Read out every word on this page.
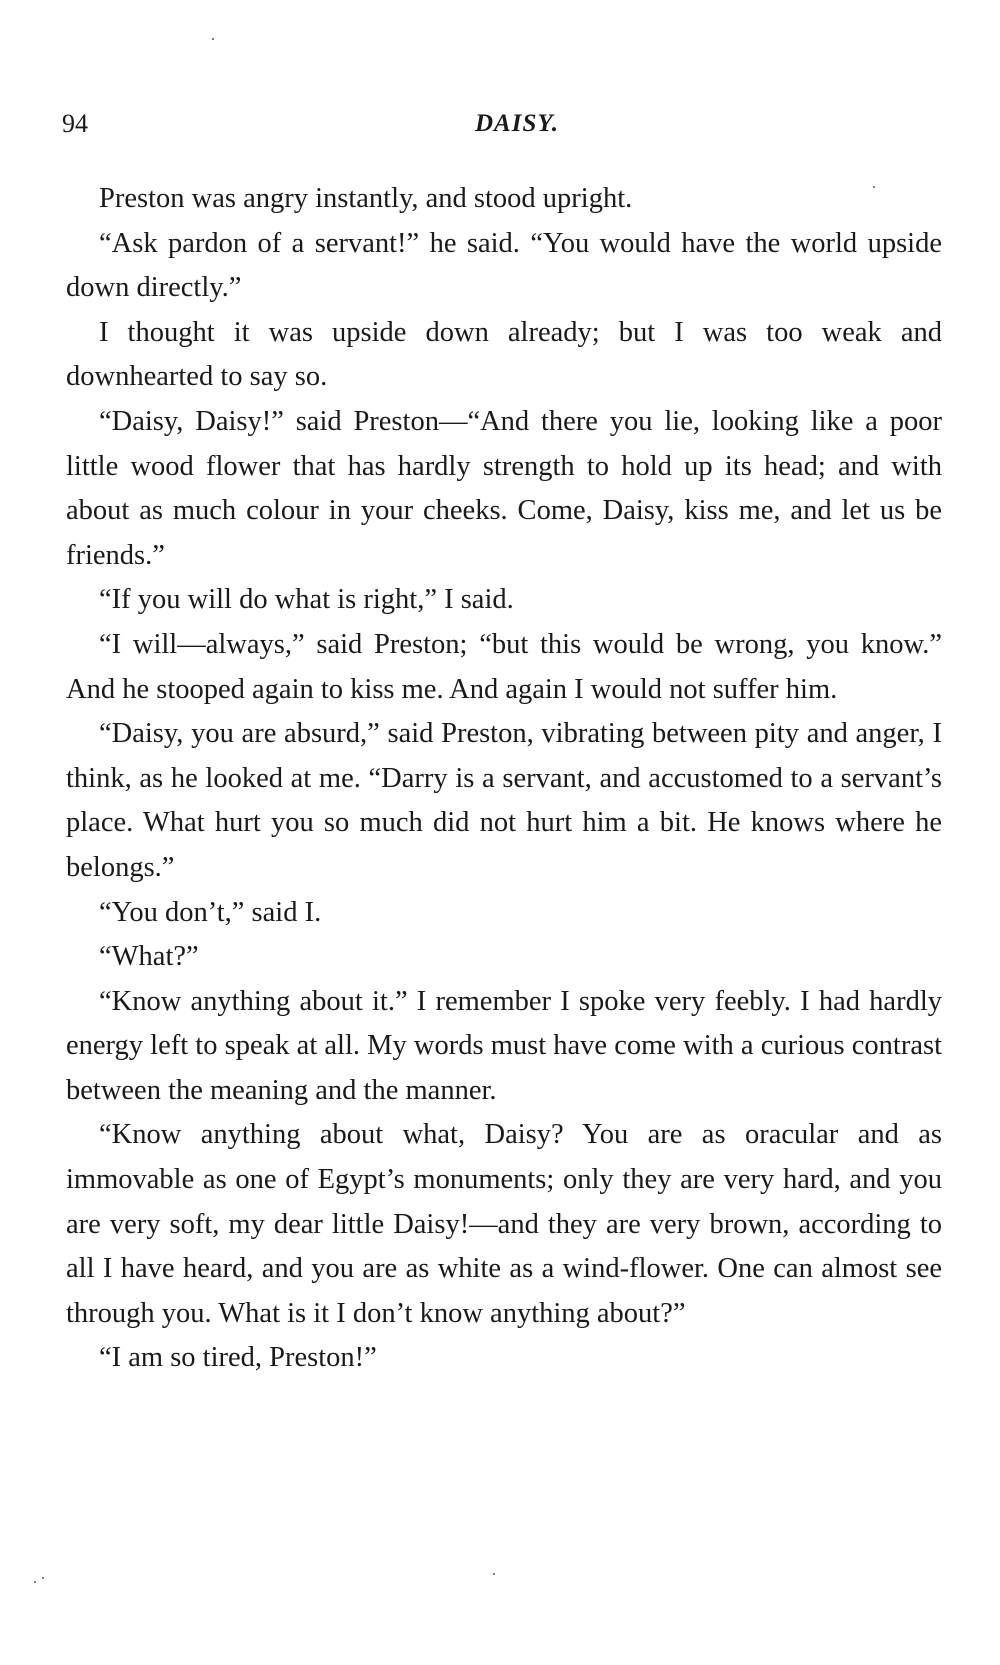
94	DAISY.

Preston was angry instantly, and stood upright.

“Ask pardon of a servant!” he said. “You would have the world upside down directly.”

I thought it was upside down already; but I was too weak and downhearted to say so.

“Daisy, Daisy!” said Preston—“And there you lie, looking like a poor little wood flower that has hardly strength to hold up its head; and with about as much colour in your cheeks. Come, Daisy, kiss me, and let us be friends.”

“If you will do what is right,” I said.

“I will—always,” said Preston; “but this would be wrong, you know.” And he stooped again to kiss me. And again I would not suffer him.

“Daisy, you are absurd,” said Preston, vibrating between pity and anger, I think, as he looked at me. “Darry is a servant, and accustomed to a servant’s place. What hurt you so much did not hurt him a bit. He knows where he belongs.”

“You don’t,” said I.

“What?”

“Know anything about it.” I remember I spoke very feebly. I had hardly energy left to speak at all. My words must have come with a curious contrast between the meaning and the manner.

“Know anything about what, Daisy? You are as oracular and as immovable as one of Egypt’s monuments; only they are very hard, and you are very soft, my dear little Daisy!—and they are very brown, according to all I have heard, and you are as white as a wind-flower. One can almost see through you. What is it I don’t know anything about?”

“I am so tired, Preston!”
